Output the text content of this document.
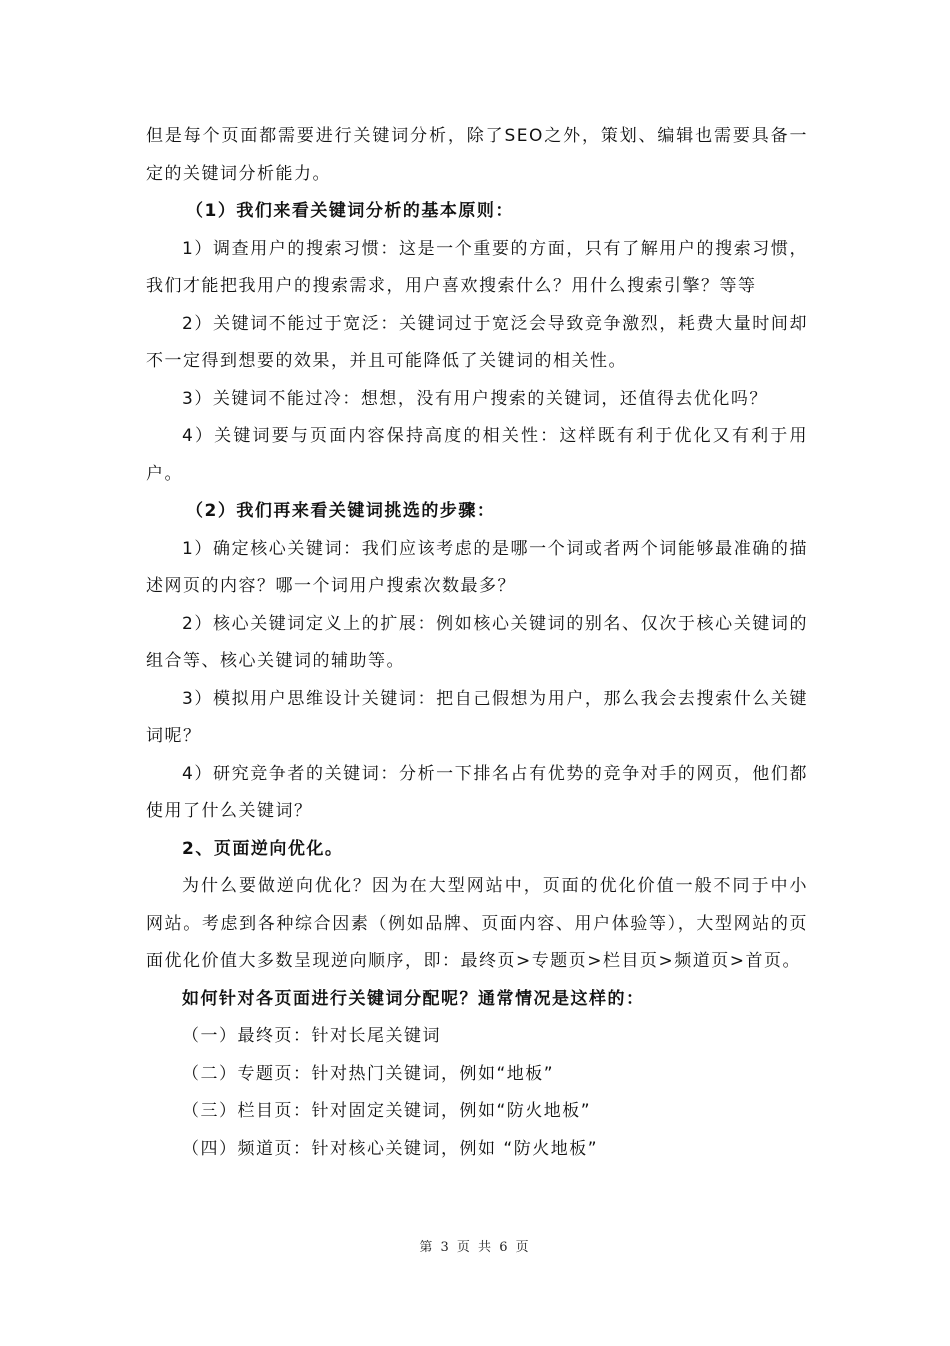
但是每个页面都需要进行关键词分析，除了SEO之外，策划、编辑也需要具备一定的关键词分析能力。

（1）我们来看关键词分析的基本原则：

1）调查用户的搜索习惯：这是一个重要的方面，只有了解用户的搜索习惯，我们才能把我用户的搜索需求，用户喜欢搜索什么？用什么搜索引擎？等等

2）关键词不能过于宽泛：关键词过于宽泛会导致竞争激烈，耗费大量时间却不一定得到想要的效果，并且可能降低了关键词的相关性。

3）关键词不能过冷：想想，没有用户搜索的关键词，还值得去优化吗？

4）关键词要与页面内容保持高度的相关性：这样既有利于优化又有利于用户。

（2）我们再来看关键词挑选的步骤：

1）确定核心关键词：我们应该考虑的是哪一个词或者两个词能够最准确的描述网页的内容？哪一个词用户搜索次数最多？

2）核心关键词定义上的扩展：例如核心关键词的别名、仅次于核心关键词的组合等、核心关键词的辅助等。

3）模拟用户思维设计关键词：把自己假想为用户，那么我会去搜索什么关键词呢？

4）研究竞争者的关键词：分析一下排名占有优势的竞争对手的网页，他们都使用了什么关键词？

2、页面逆向优化。

为什么要做逆向优化？因为在大型网站中，页面的优化价值一般不同于中小网站。考虑到各种综合因素（例如品牌、页面内容、用户体验等），大型网站的页面优化价值大多数呈现逆向顺序，即：最终页>专题页>栏目页>频道页>首页。

如何针对各页面进行关键词分配呢？通常情况是这样的：

（一）最终页：针对长尾关键词

（二）专题页：针对热门关键词，例如“地板”

（三）栏目页：针对固定关键词，例如“防火地板”

（四）频道页：针对核心关键词，例如 “防火地板”

第 3 页 共 6 页
